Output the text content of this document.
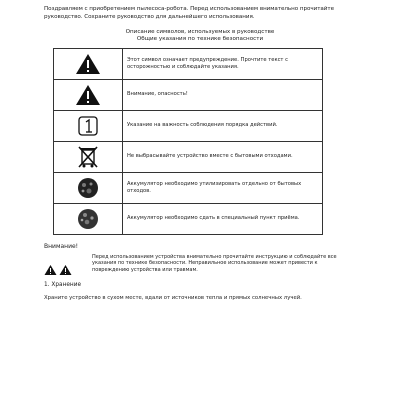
Поздравляем с приобретением пылесоса-робота. Перед использованием внимательно прочитайте руководство. Сохраните руководство для дальнейшего использования.

Описание символов, используемых в руководстве
Общие указания по технике безопасности
	Этот символ означает предупреждение. Прочтите текст с осторожностью и соблюдайте указания.

	Внимание, опасность!

	Указание на важность соблюдения порядка действий.

	Не выбрасывайте устройство вместе с бытовыми отходами.

	Аккумулятор необходимо утилизировать отдельно от бытовых отходов.

	Аккумулятор необходимо сдать в специальный пункт приёма.
Внимание!
Перед использованием устройства внимательно прочитайте инструкцию и соблюдайте все указания по технике безопасности. Неправильное использование может привести к повреждению устройства или травмам.
1. Хранение
Храните устройство в сухом месте, вдали от источников тепла и прямых солнечных лучей.
